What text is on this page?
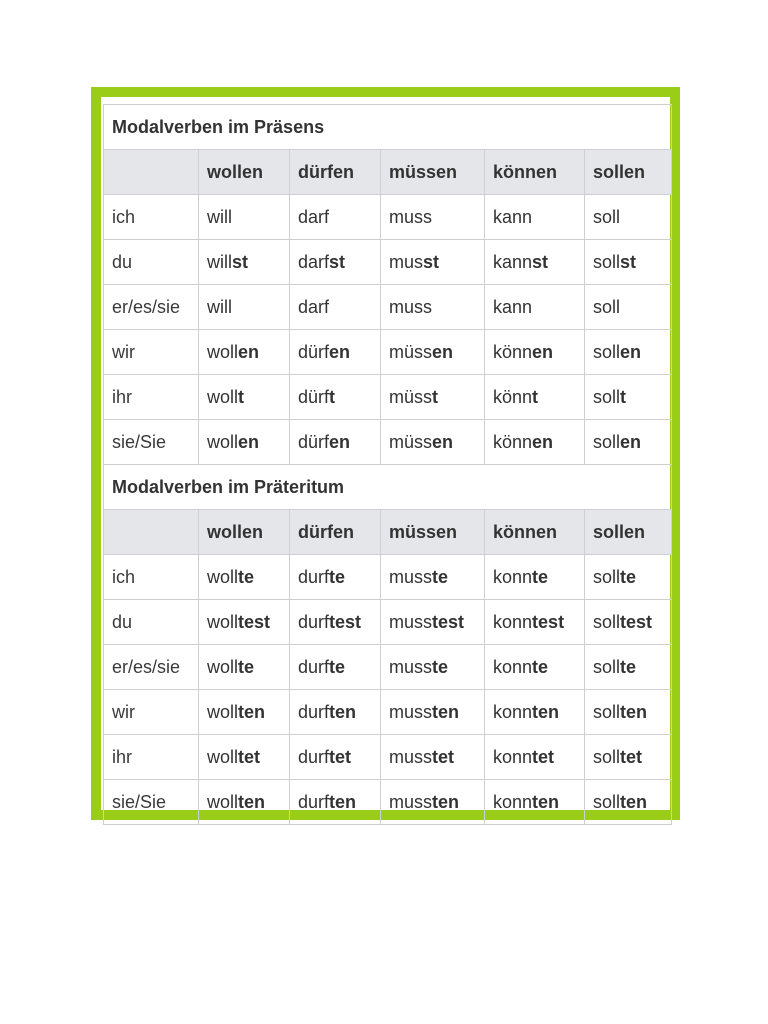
Modalverben im Präsens					
	wollen	dürfen	müssen	können	sollen
ich	will	darf	muss	kann	soll
du	willst	darfst	musst	kannst	sollst
er/es/sie	will	darf	muss	kann	soll
wir	wollen	dürfen	müssen	können	sollen
ihr	wollt	dürft	müsst	könnt	sollt
sie/Sie	wollen	dürfen	müssen	können	sollen
Modalverben im Präteritum					
	wollen	dürfen	müssen	können	sollen
ich	wollte	durfte	musste	konnte	sollte
du	wolltest	durftest	musstest	konntest	solltest
er/es/sie	wollte	durfte	musste	konnte	sollte
wir	wollten	durften	mussten	konnten	sollten
ihr	wolltet	durftet	musstet	konntet	solltet
sie/Sie	wollten	durften	mussten	konnten	sollten
